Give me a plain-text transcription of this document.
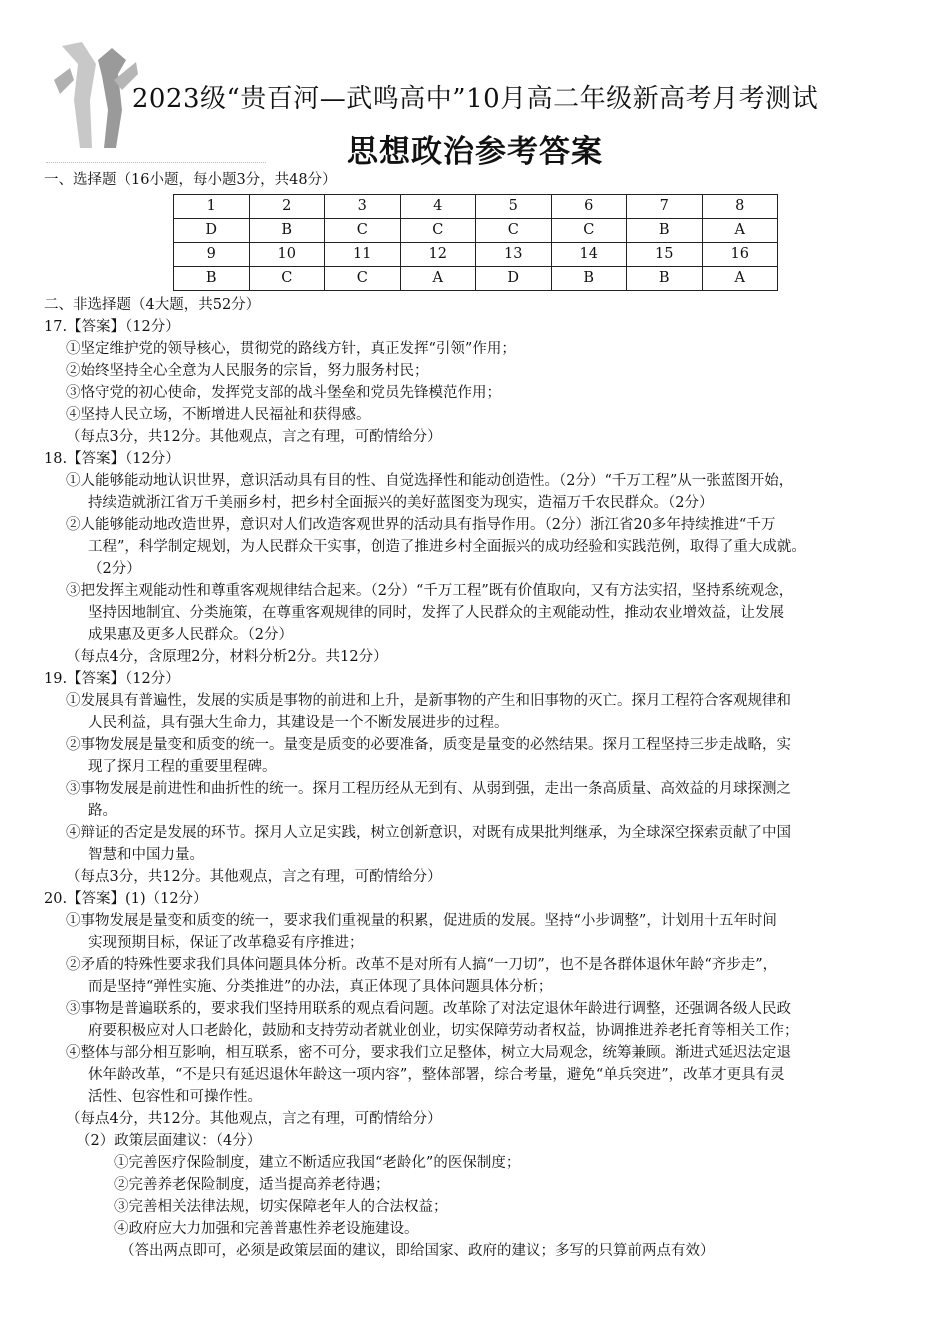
2023级“贵百河—武鸣高中”10月高二年级新高考月考测试
思想政治参考答案
一、选择题（16小题，每小题3分，共48分）
1	2	3	4	5	6	7	8
D	B	C	C	C	C	B	A
9	10	11	12	13	14	15	16
B	C	C	A	D	B	B	A
二、非选择题（4大题，共52分）
17.【答案】（12分）
①坚定维护党的领导核心，贯彻党的路线方针，真正发挥“引领”作用；
②始终坚持全心全意为人民服务的宗旨，努力服务村民；
③恪守党的初心使命，发挥党支部的战斗堡垒和党员先锋模范作用；
④坚持人民立场，不断增进人民福祉和获得感。
（每点3分，共12分。其他观点，言之有理，可酌情给分）
18.【答案】（12分）
①人能够能动地认识世界，意识活动具有目的性、自觉选择性和能动创造性。（2分）“千万工程”从一张蓝图开始，
持续造就浙江省万千美丽乡村，把乡村全面振兴的美好蓝图变为现实，造福万千农民群众。（2分）
②人能够能动地改造世界，意识对人们改造客观世界的活动具有指导作用。（2分）浙江省20多年持续推进“千万
工程”，科学制定规划，为人民群众干实事，创造了推进乡村全面振兴的成功经验和实践范例，取得了重大成就。
（2分）
③把发挥主观能动性和尊重客观规律结合起来。（2分）“千万工程”既有价值取向，又有方法实招，坚持系统观念，
坚持因地制宜、分类施策，在尊重客观规律的同时，发挥了人民群众的主观能动性，推动农业增效益，让发展
成果惠及更多人民群众。（2分）
（每点4分，含原理2分，材料分析2分。共12分）
19.【答案】（12分）
①发展具有普遍性，发展的实质是事物的前进和上升，是新事物的产生和旧事物的灭亡。探月工程符合客观规律和
人民利益，具有强大生命力，其建设是一个不断发展进步的过程。
②事物发展是量变和质变的统一。量变是质变的必要准备，质变是量变的必然结果。探月工程坚持三步走战略，实
现了探月工程的重要里程碑。
③事物发展是前进性和曲折性的统一。探月工程历经从无到有、从弱到强，走出一条高质量、高效益的月球探测之
路。
④辩证的否定是发展的环节。探月人立足实践，树立创新意识，对既有成果批判继承，为全球深空探索贡献了中国
智慧和中国力量。
（每点3分，共12分。其他观点，言之有理，可酌情给分）
20.【答案】(1)（12分）
①事物发展是量变和质变的统一，要求我们重视量的积累，促进质的发展。坚持“小步调整”，计划用十五年时间
实现预期目标，保证了改革稳妥有序推进；
②矛盾的特殊性要求我们具体问题具体分析。改革不是对所有人搞“一刀切”，也不是各群体退休年龄“齐步走”，
而是坚持“弹性实施、分类推进”的办法，真正体现了具体问题具体分析；
③事物是普遍联系的，要求我们坚持用联系的观点看问题。改革除了对法定退休年龄进行调整，还强调各级人民政
府要积极应对人口老龄化，鼓励和支持劳动者就业创业，切实保障劳动者权益，协调推进养老托育等相关工作；
④整体与部分相互影响，相互联系，密不可分，要求我们立足整体，树立大局观念，统筹兼顾。渐进式延迟法定退
休年龄改革，“不是只有延迟退休年龄这一项内容”，整体部署，综合考量，避免“单兵突进”，改革才更具有灵
活性、包容性和可操作性。
（每点4分，共12分。其他观点，言之有理，可酌情给分）
（2）政策层面建议：（4分）
①完善医疗保险制度，建立不断适应我国“老龄化”的医保制度；
②完善养老保险制度，适当提高养老待遇；
③完善相关法律法规，切实保障老年人的合法权益；
④政府应大力加强和完善普惠性养老设施建设。
（答出两点即可，必须是政策层面的建议，即给国家、政府的建议；多写的只算前两点有效）
